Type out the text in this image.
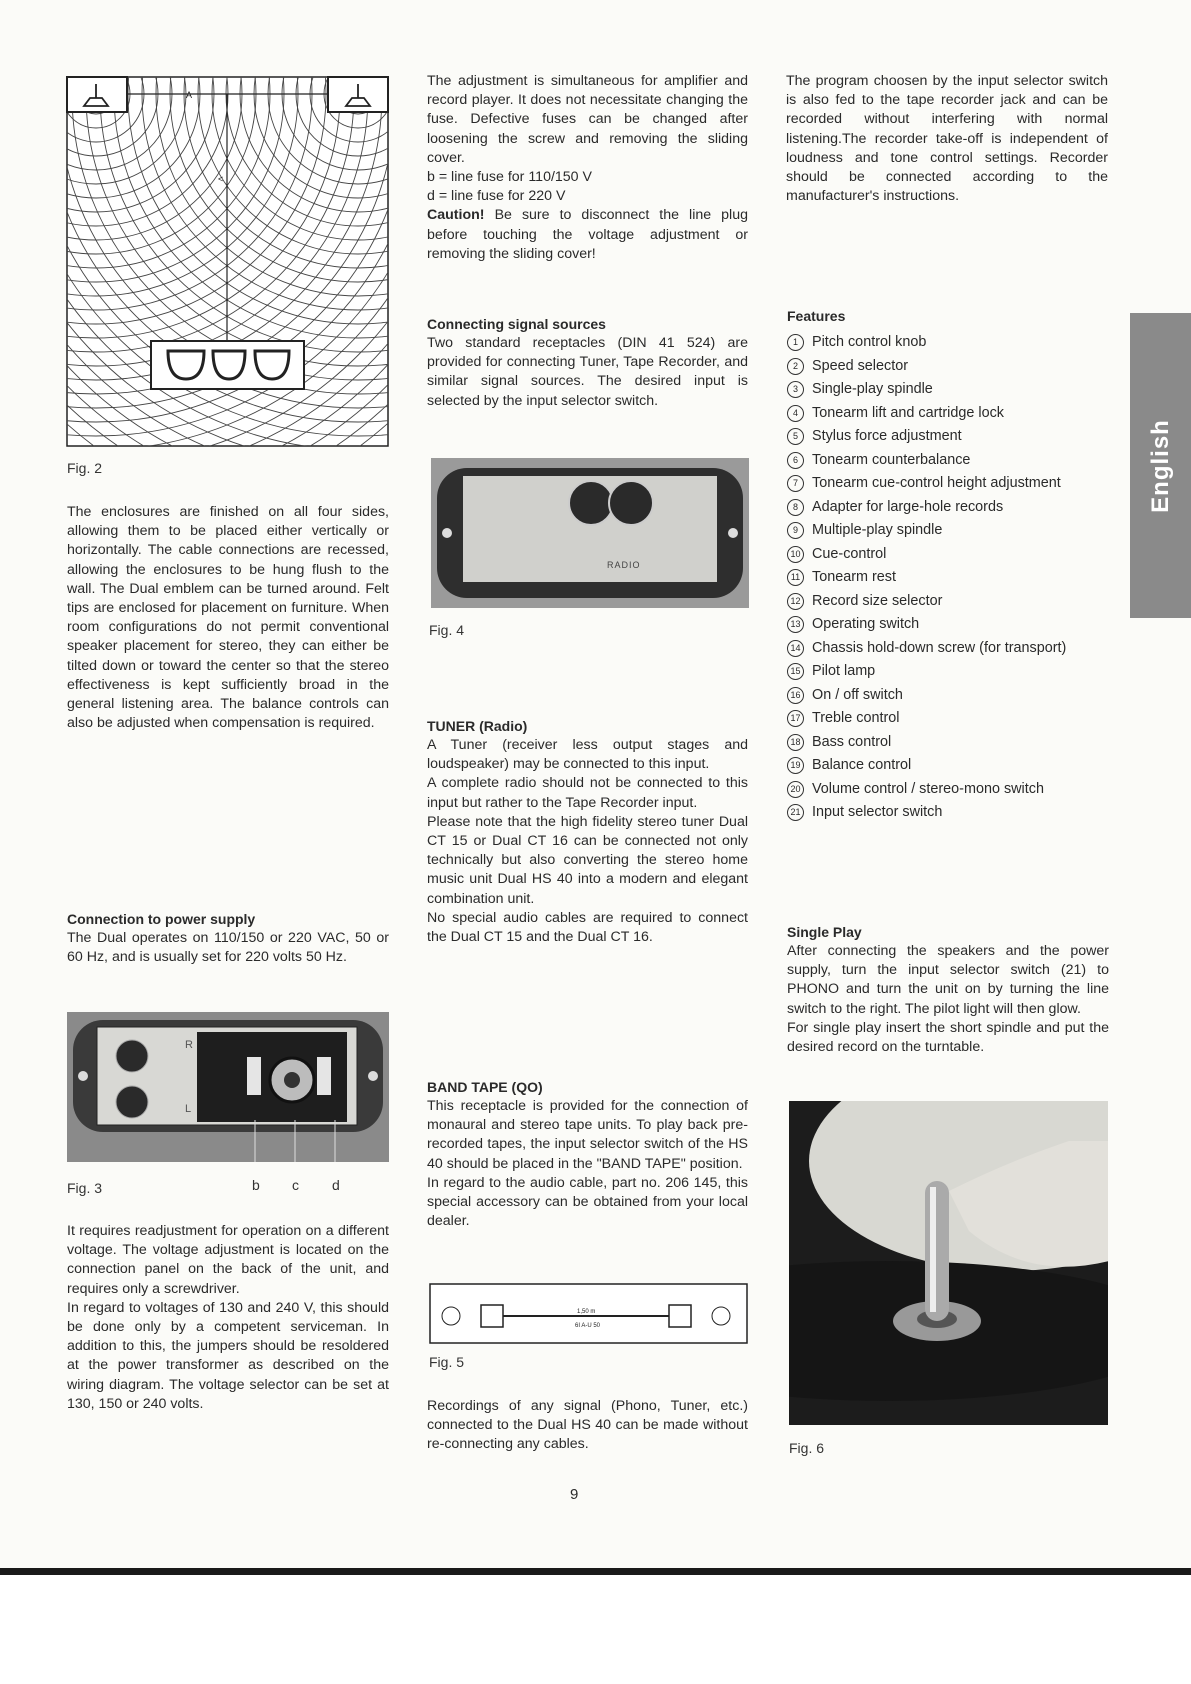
A
<
Fig. 2

The enclosures are finished on all four sides, allowing them to be placed either vertically or horizontally. The cable connections are recessed, allowing the enclosures to be hung flush to the wall. The Dual emblem can be turned around. Felt tips are enclosed for placement on furniture. When room configurations do not permit conventional speaker placement for stereo, they can either be tilted down or toward the center so that the stereo effectiveness is kept sufficiently broad in the general listening area. The balance controls can also be adjusted when compensation is required.

Connection to power supply

The Dual operates on 110/150 or 220 VAC, 50 or 60 Hz, and is usually set for 220 volts 50 Hz.

R
L
Fig. 3	b c d

It requires readjustment for operation on a different voltage. The voltage adjustment is located on the connection panel on the back of the unit, and requires only a screwdriver.

In regard to voltages of 130 and 240 V, this should be done only by a competent serviceman. In addition to this, the jumpers should be resoldered at the power transformer as described on the wiring diagram. The voltage selector can be set at 130, 150 or 240 volts.

The adjustment is simultaneous for amplifier and record player. It does not necessitate changing the fuse. Defective fuses can be changed after loosening the screw and removing the sliding cover.

b = line fuse for 110/150 V

d = line fuse for 220 V

Caution! Be sure to disconnect the line plug before touching the voltage adjustment or removing the sliding cover!

Connecting signal sources

Two standard receptacles (DIN 41 524) are provided for connecting Tuner, Tape Recorder, and similar signal sources. The desired input is selected by the input selector switch.

RADIO
Fig. 4

TUNER (Radio)

A Tuner (receiver less output stages and loudspeaker) may be connected to this input.

A complete radio should not be connected to this input but rather to the Tape Recorder input.

Please note that the high fidelity stereo tuner Dual CT 15 or Dual CT 16 can be connected not only technically but also converting the stereo home music unit Dual HS 40 into a modern and elegant combination unit.

No special audio cables are required to connect the Dual CT 15 and the Dual CT 16.

BAND TAPE (QO)

This receptacle is provided for the connection of monaural and stereo tape units. To play back pre-recorded tapes, the input selector switch of the HS 40 should be placed in the "BAND TAPE" position.

In regard to the audio cable, part no. 206 145, this special accessory can be obtained from your local dealer.

1,50 m
6I A-U 50
Fig. 5

Recordings of any signal (Phono, Tuner, etc.) connected to the Dual HS 40 can be made without re-connecting any cables.

The program choosen by the input selector switch is also fed to the tape recorder jack and can be recorded without interfering with normal listening.The recorder take-off is independent of loudness and tone control settings. Recorder should be connected according to the manufacturer's instructions.

Features

1 Pitch control knob
2 Speed selector
3 Single-play spindle
4 Tonearm lift and cartridge lock
5 Stylus force adjustment
6 Tonearm counterbalance
7 Tonearm cue-control height adjustment
8 Adapter for large-hole records
9 Multiple-play spindle
10 Cue-control
11 Tonearm rest
12 Record size selector
13 Operating switch
14 Chassis hold-down screw (for transport)
15 Pilot lamp
16 On / off switch
17 Treble control
18 Bass control
19 Balance control
20 Volume control / stereo-mono switch
21 Input selector switch

Single Play

After connecting the speakers and the power supply, turn the input selector switch (21) to PHONO and turn the unit on by turning the line switch to the right. The pilot light will then glow.

For single play insert the short spindle and put the desired record on the turntable.

Fig. 6
English
9
